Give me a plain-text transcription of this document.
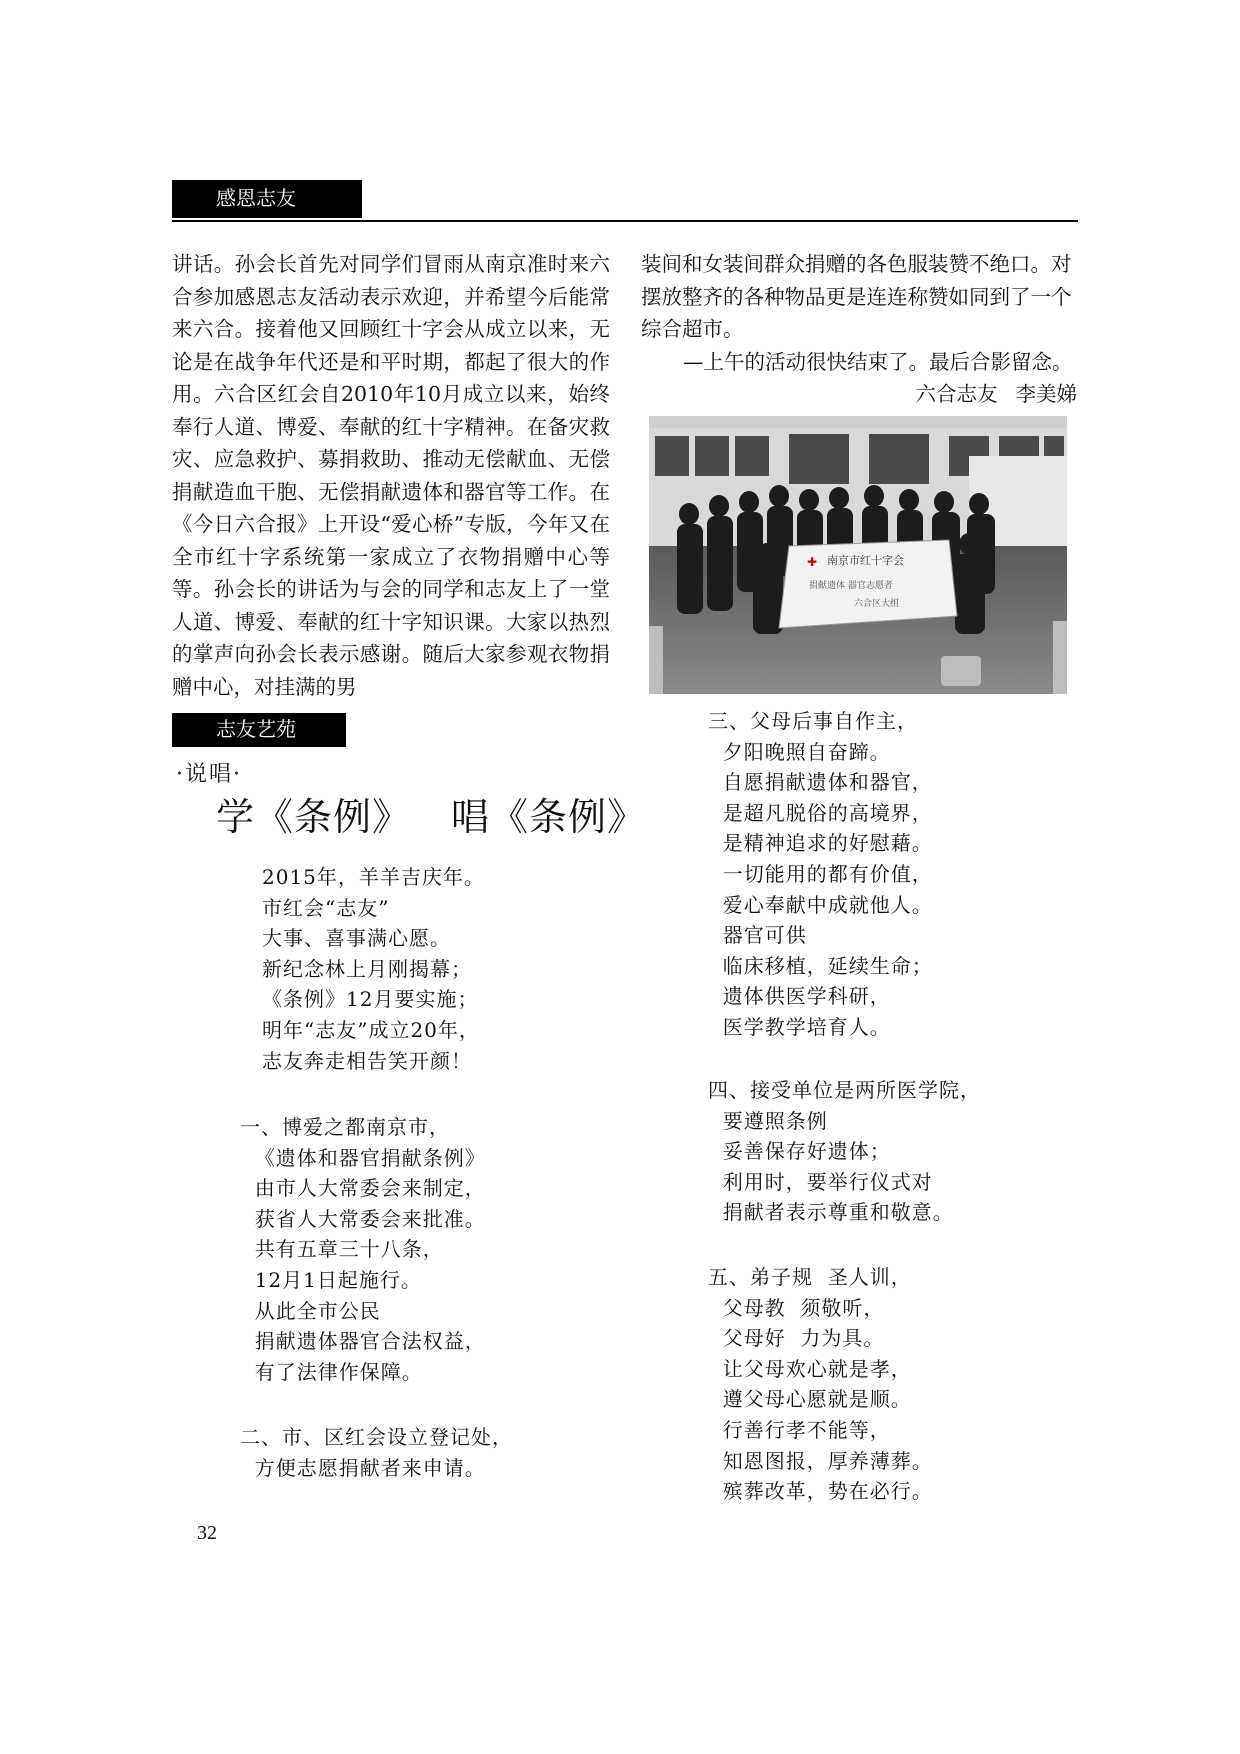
感恩志友

讲话。孙会长首先对同学们冒雨从南京准时来六合参加感恩志友活动表示欢迎，并希望今后能常来六合。接着他又回顾红十字会从成立以来，无论是在战争年代还是和平时期，都起了很大的作用。六合区红会自2010年10月成立以来，始终奉行人道、博爱、奉献的红十字精神。在备灾救灾、应急救护、募捐救助、推动无偿献血、无偿捐献造血干胞、无偿捐献遗体和器官等工作。在《今日六合报》上开设“爱心桥”专版，今年又在全市红十字系统第一家成立了衣物捐赠中心等等。孙会长的讲话为与会的同学和志友上了一堂人道、博爱、奉献的红十字知识课。大家以热烈的掌声向孙会长表示感谢。随后大家参观衣物捐赠中心，对挂满的男

装间和女装间群众捐赠的各色服装赞不绝口。对摆放整齐的各种物品更是连连称赞如同到了一个综合超市。

—上午的活动很快结束了。最后合影留念。

六合志友 李美娣

✚ 南京市红十字会
捐献遗体 器官志愿者
六合区大组
志友艺苑
·说唱·
学《条例》 唱《条例》
2015年，羊羊吉庆年。
市红会“志友”
大事、喜事满心愿。
新纪念林上月刚揭幕；
《条例》12月要实施；
明年“志友”成立20年，
志友奔走相告笑开颜！
一、博爱之都南京市，
《遗体和器官捐献条例》
由市人大常委会来制定，
获省人大常委会来批准。
共有五章三十八条，
12月1日起施行。
从此全市公民
捐献遗体器官合法权益，
有了法律作保障。
二、市、区红会设立登记处，
方便志愿捐献者来申请。
三、父母后事自作主，
夕阳晚照自奋蹄。
自愿捐献遗体和器官，
是超凡脱俗的高境界，
是精神追求的好慰藉。
一切能用的都有价值，
爱心奉献中成就他人。
器官可供
临床移植，延续生命；
遗体供医学科研，
医学教学培育人。
四、接受单位是两所医学院，
要遵照条例
妥善保存好遗体；
利用时，要举行仪式对
捐献者表示尊重和敬意。
五、弟子规  圣人训，
父母教  须敬听，
父母好  力为具。
让父母欢心就是孝，
遵父母心愿就是顺。
行善行孝不能等，
知恩图报，厚养薄葬。
殡葬改革，势在必行。
32
